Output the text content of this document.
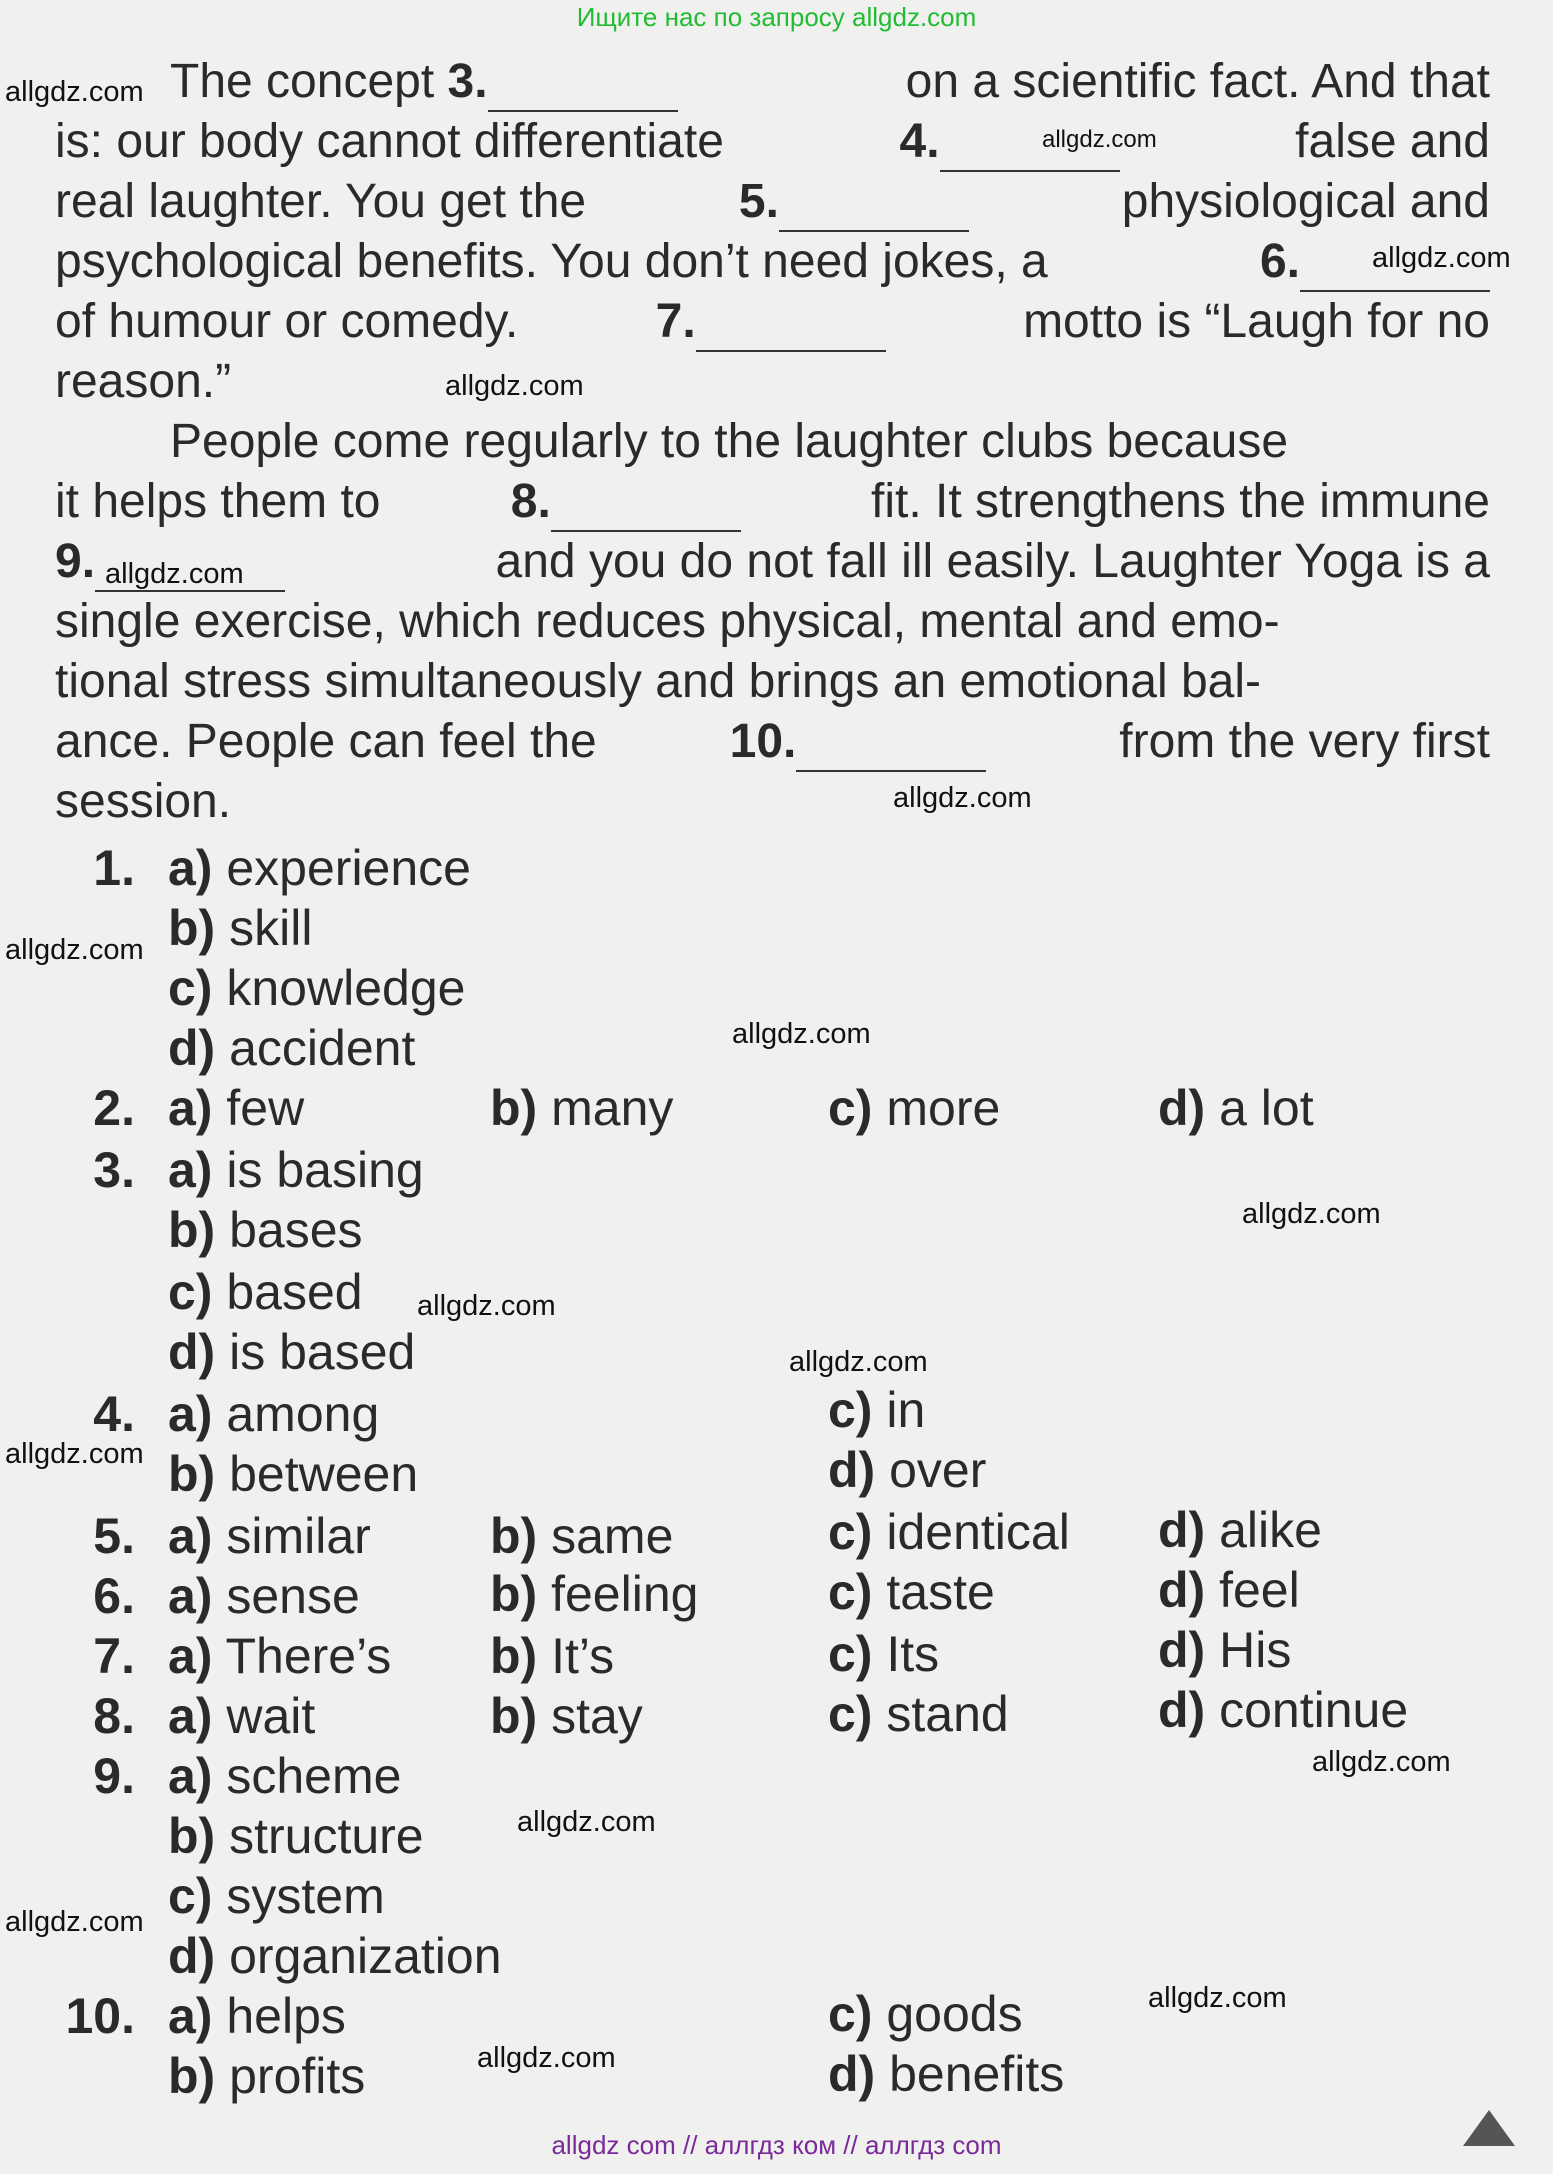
Ищите нас по запросу allgdz.com
The concept 3.	on a scientific fact. And that
is: our body cannot differentiate	4.	false and
real laughter. You get the	5.	physiological and
psychological benefits. You don’t need jokes, a	6.
of humour or comedy.	7.	motto is “Laugh for no
reason.”
People come regularly to the laughter clubs because
it helps them to	8.	fit. It strengthens the immune
9.	and you do not fall ill easily. Laughter Yoga is a
single exercise, which reduces physical, mental and emo-
tional stress simultaneously and brings an emotional bal-
ance. People can feel the	10.	from the very first
session.
1. a) experience
b) skill
c) knowledge
d) accident
2. a) few	b) many	c) more	d) a lot
3. a) is basing
b) bases
c) based
d) is based
4. a) among
b) between
c) in
d) over
5. a) similar b) same	c) identical d) alike
6. a) sense	b) feeling	c) taste	d) feel
7. a) There’s b) It’s	c) Its	d) His
8. a) wait	b) stay	c) stand	d) continue
9. a) scheme
b) structure
c) system
d) organization
10. a) helps
b) profits
c) goods
d) benefits
allgdz.com
allgdz.com
allgdz.com
allgdz.com
allgdz.com
allgdz.com
allgdz.com
allgdz.com
allgdz.com
allgdz.com
allgdz.com
allgdz.com
allgdz.com
allgdz.com
allgdz.com
allgdz.com
allgdz.com
allgdz com // аллгдз ком // аллгдз com
